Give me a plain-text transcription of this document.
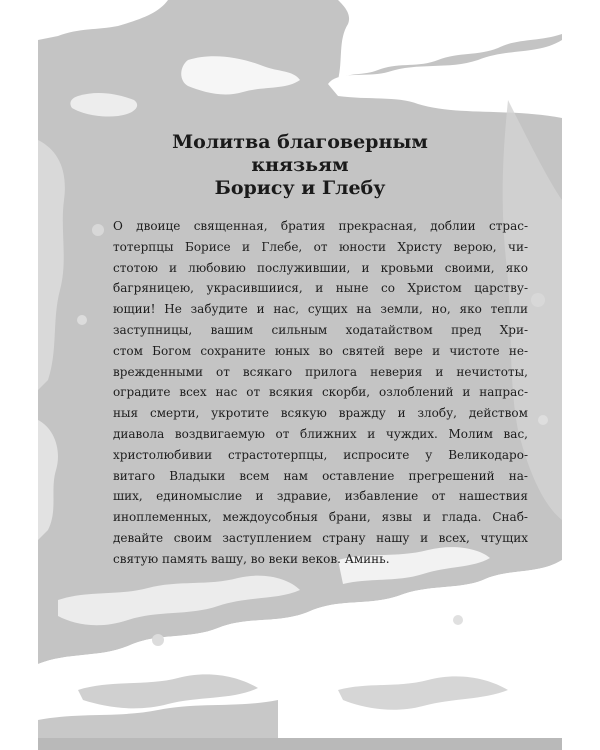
Молитва благоверным
князьям
Борису и Глебу
О двоице священная, братия прекрасная, доблии страс-
тотерпцы Борисе и Глебе, от юности Христу верою, чи-
стотою и любовию послужившии, и кровьми своими, яко
багряницею, украсившиися, и ныне со Христом царству-
ющии! Не забудите и нас, сущих на земли, но, яко тепли
заступницы, вашим сильным ходатайством пред Хри-
стом Богом сохраните юных во святей вере и чистоте не-
врежденными от всякаго прилога неверия и нечистоты,
оградите всех нас от всякия скорби, озлоблений и напрас-
ныя смерти, укротите всякую вражду и злобу, действом
диавола воздвигаемую от ближних и чуждих. Молим вас,
христолюбивии страстотерпцы, испросите у Великодаро-
витаго Владыки всем нам оставление прегрешений на-
ших, единомыслие и здравие, избавление от нашествия
иноплеменных, междоусобныя брани, язвы и глада. Снаб-
девайте своим заступлением страну нашу и всех, чтущих
святую память вашу, во веки веков. Аминь.
